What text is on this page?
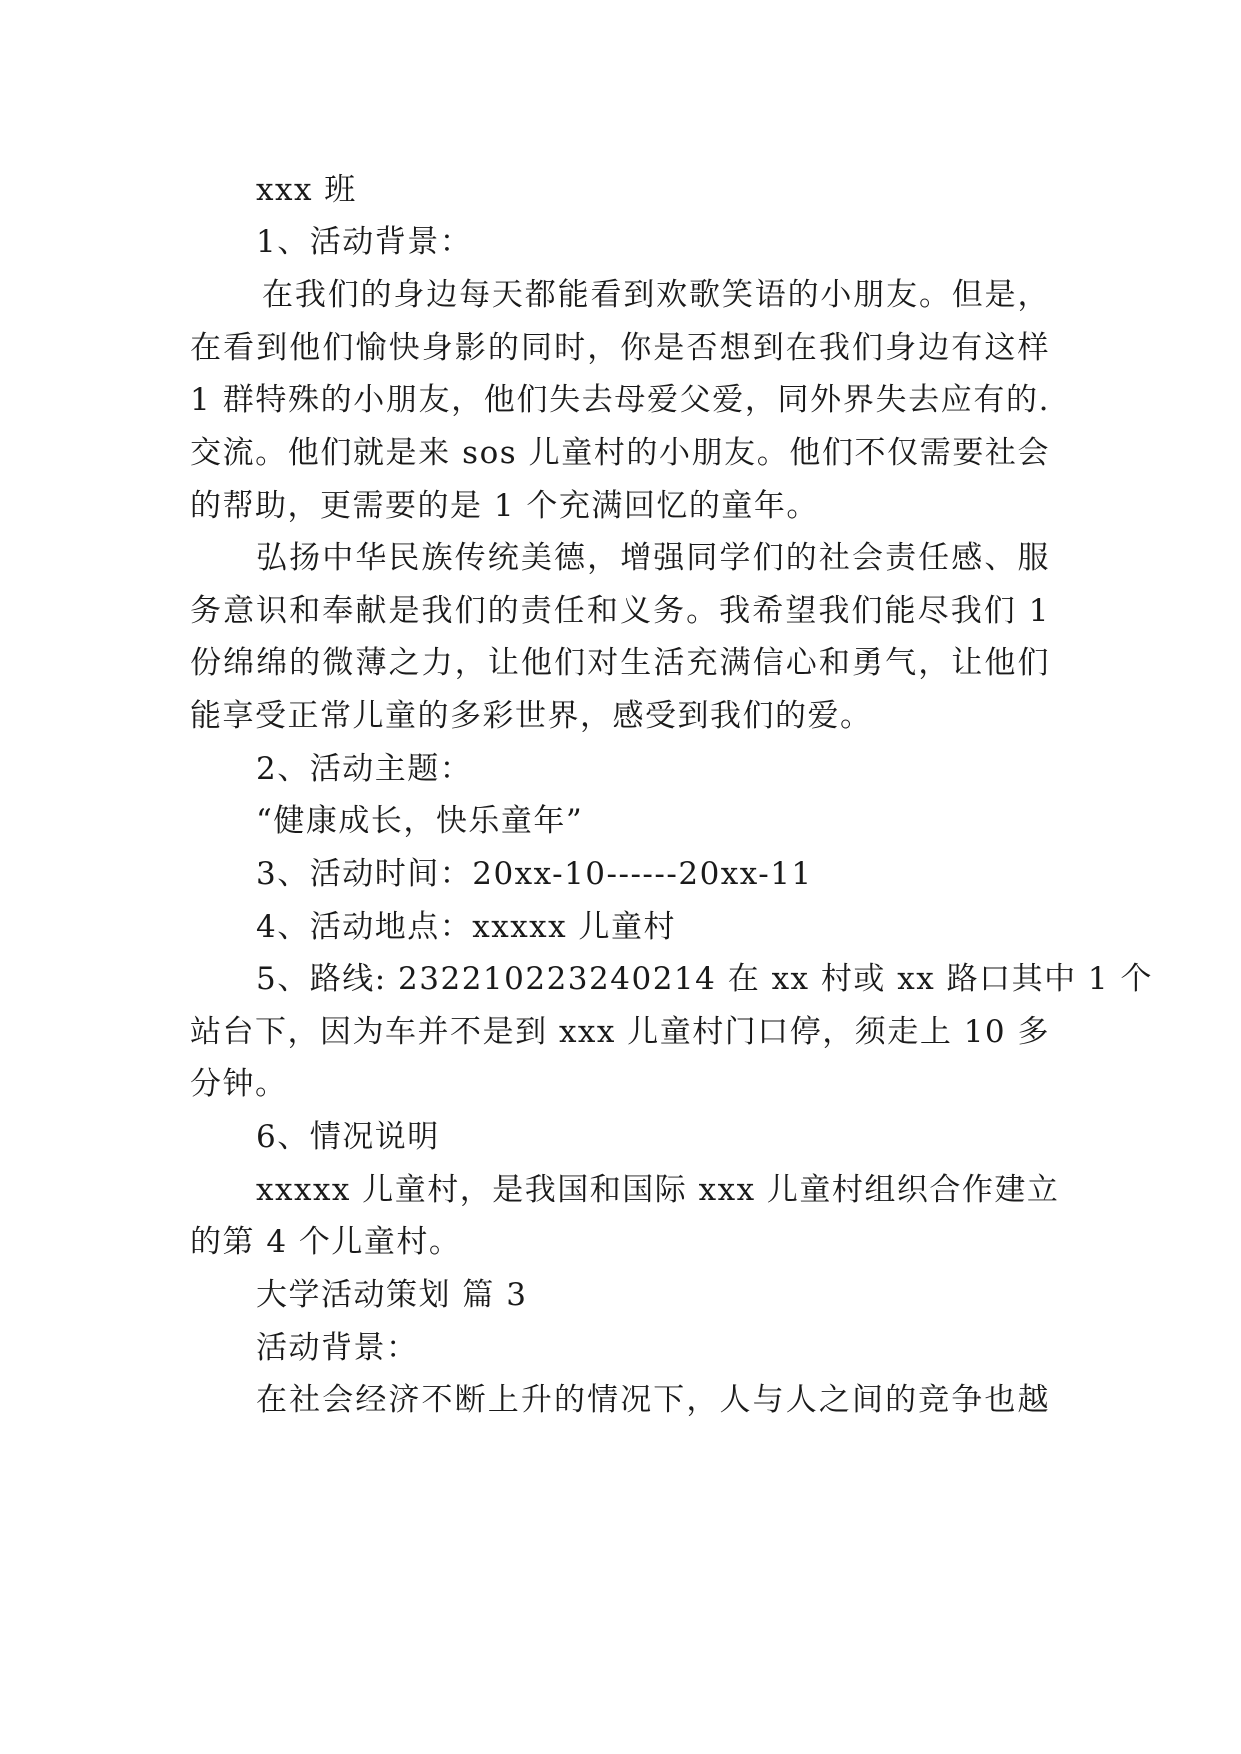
xxx 班
1、活动背景：
在我们的身边每天都能看到欢歌笑语的小朋友。但是，
在看到他们愉快身影的同时，你是否想到在我们身边有这样
1 群特殊的小朋友，他们失去母爱父爱，同外界失去应有的.
交流。他们就是来 sos 儿童村的小朋友。他们不仅需要社会
的帮助，更需要的是 1 个充满回忆的童年。
弘扬中华民族传统美德，增强同学们的社会责任感、服
务意识和奉献是我们的责任和义务。我希望我们能尽我们 1
份绵绵的微薄之力，让他们对生活充满信心和勇气，让他们
能享受正常儿童的多彩世界，感受到我们的爱。
2、活动主题：
“健康成长，快乐童年”
3、活动时间：20xx-10------20xx-11
4、活动地点：xxxxx 儿童村
5、路线: 232210223240214 在 xx 村或 xx 路口其中 1 个
站台下，因为车并不是到 xxx 儿童村门口停，须走上 10 多
分钟。
6、情况说明
xxxxx 儿童村，是我国和国际 xxx 儿童村组织合作建立
的第 4 个儿童村。
大学活动策划 篇 3
活动背景：
在社会经济不断上升的情况下，人与人之间的竞争也越
